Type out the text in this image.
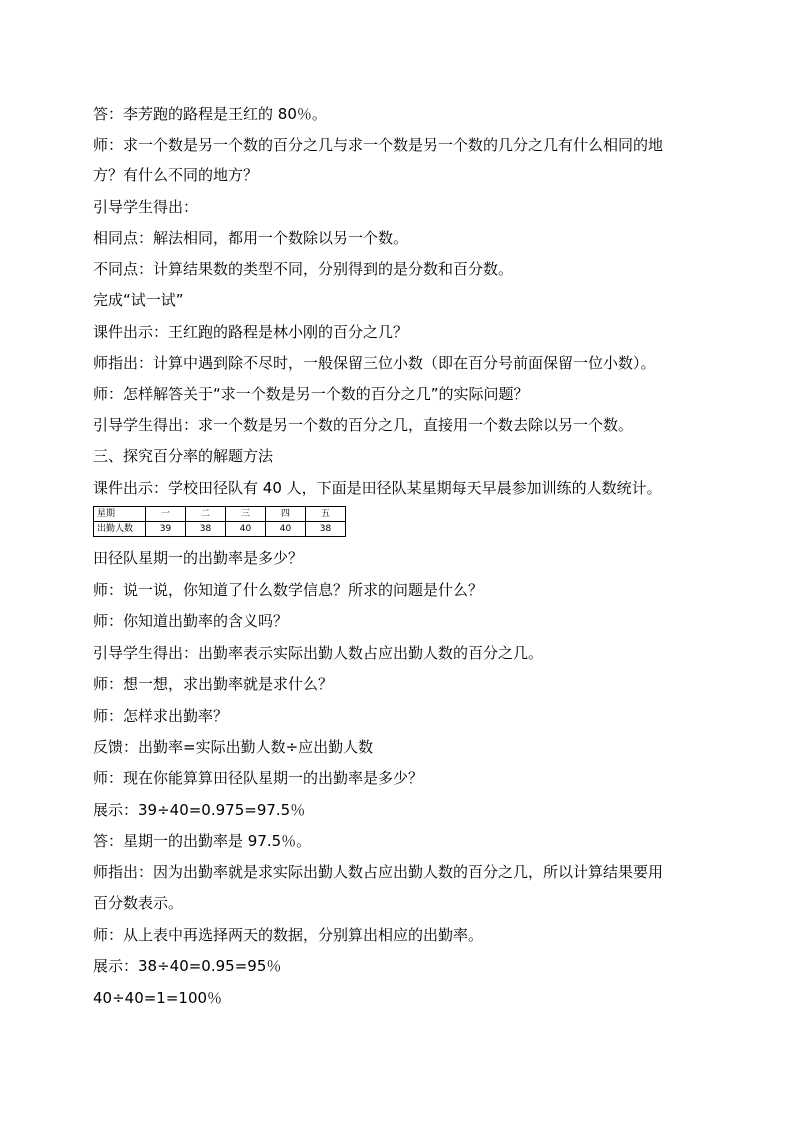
答：李芳跑的路程是王红的 80％。
师：求一个数是另一个数的百分之几与求一个数是另一个数的几分之几有什么相同的地
方？有什么不同的地方？
引导学生得出：
相同点：解法相同，都用一个数除以另一个数。
不同点：计算结果数的类型不同，分别得到的是分数和百分数。
完成“试一试”
课件出示：王红跑的路程是林小刚的百分之几？
师指出：计算中遇到除不尽时，一般保留三位小数（即在百分号前面保留一位小数）。
师：怎样解答关于“求一个数是另一个数的百分之几”的实际问题？
引导学生得出：求一个数是另一个数的百分之几，直接用一个数去除以另一个数。
三、探究百分率的解题方法
课件出示：学校田径队有 40 人，下面是田径队某星期每天早晨参加训练的人数统计。
星期	一	二	三	四	五
出勤人数	39	38	40	40	38
田径队星期一的出勤率是多少？
师：说一说，你知道了什么数学信息？所求的问题是什么？
师：你知道出勤率的含义吗？
引导学生得出：出勤率表示实际出勤人数占应出勤人数的百分之几。
师：想一想，求出勤率就是求什么？
师：怎样求出勤率？
反馈：出勤率=实际出勤人数÷应出勤人数
师：现在你能算算田径队星期一的出勤率是多少？
展示：39÷40=0.975=97.5％
答：星期一的出勤率是 97.5％。
师指出：因为出勤率就是求实际出勤人数占应出勤人数的百分之几，所以计算结果要用
百分数表示。
师：从上表中再选择两天的数据，分别算出相应的出勤率。
展示：38÷40=0.95=95％
40÷40=1=100％
